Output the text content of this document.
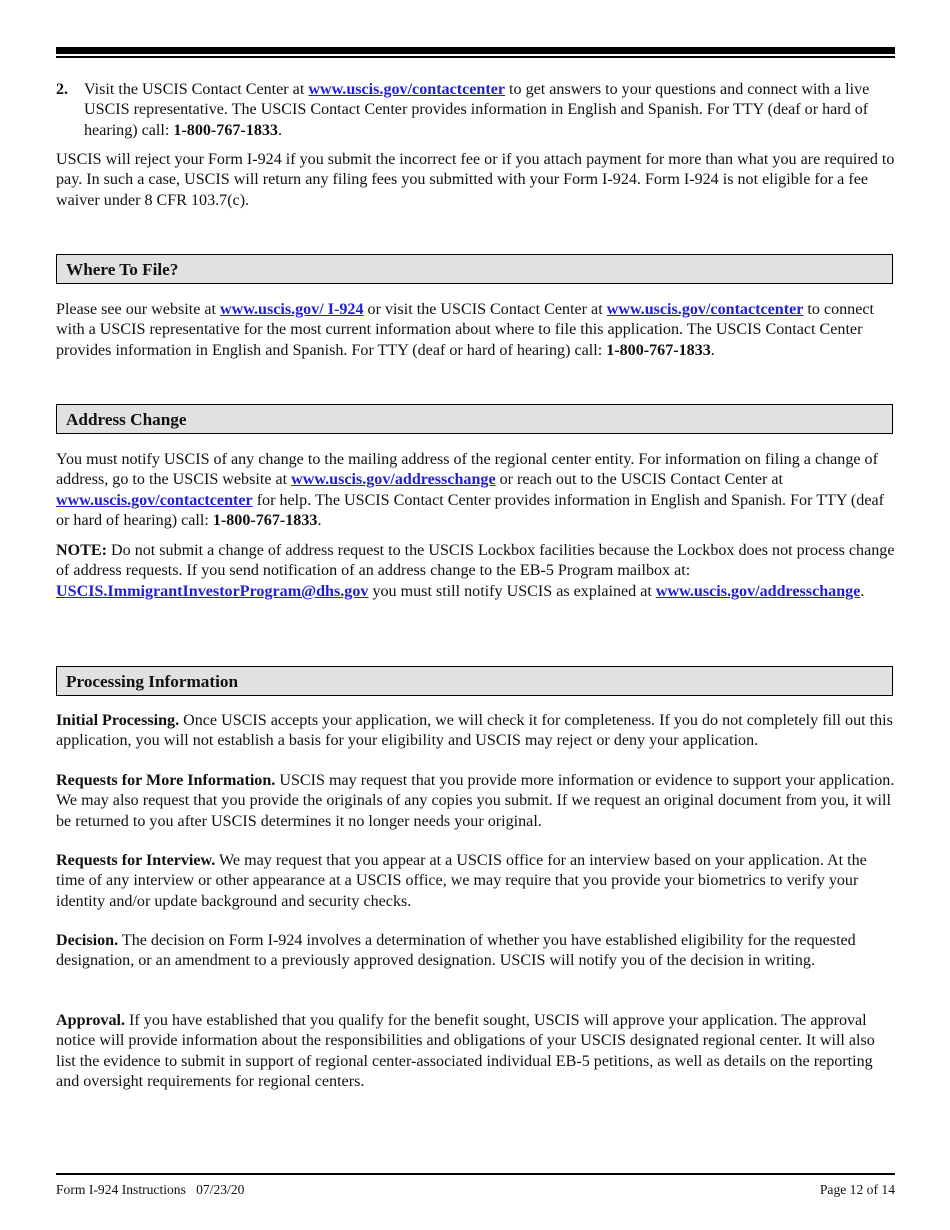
2. Visit the USCIS Contact Center at www.uscis.gov/contactcenter to get answers to your questions and connect with a live USCIS representative. The USCIS Contact Center provides information in English and Spanish. For TTY (deaf or hard of hearing) call: 1-800-767-1833.

USCIS will reject your Form I-924 if you submit the incorrect fee or if you attach payment for more than what you are required to pay. In such a case, USCIS will return any filing fees you submitted with your Form I-924. Form I-924 is not eligible for a fee waiver under 8 CFR 103.7(c).

Where To File?

Please see our website at www.uscis.gov/ I-924 or visit the USCIS Contact Center at www.uscis.gov/contactcenter to connect with a USCIS representative for the most current information about where to file this application. The USCIS Contact Center provides information in English and Spanish. For TTY (deaf or hard of hearing) call: 1-800-767-1833.

Address Change

You must notify USCIS of any change to the mailing address of the regional center entity. For information on filing a change of address, go to the USCIS website at www.uscis.gov/addresschange or reach out to the USCIS Contact Center at www.uscis.gov/contactcenter for help. The USCIS Contact Center provides information in English and Spanish. For TTY (deaf or hard of hearing) call: 1-800-767-1833.

NOTE: Do not submit a change of address request to the USCIS Lockbox facilities because the Lockbox does not process change of address requests. If you send notification of an address change to the EB-5 Program mailbox at: USCIS.ImmigrantInvestorProgram@dhs.gov you must still notify USCIS as explained at www.uscis.gov/addresschange.

Processing Information

Initial Processing. Once USCIS accepts your application, we will check it for completeness. If you do not completely fill out this application, you will not establish a basis for your eligibility and USCIS may reject or deny your application.

Requests for More Information. USCIS may request that you provide more information or evidence to support your application. We may also request that you provide the originals of any copies you submit. If we request an original document from you, it will be returned to you after USCIS determines it no longer needs your original.

Requests for Interview. We may request that you appear at a USCIS office for an interview based on your application. At the time of any interview or other appearance at a USCIS office, we may require that you provide your biometrics to verify your identity and/or update background and security checks.

Decision. The decision on Form I-924 involves a determination of whether you have established eligibility for the requested designation, or an amendment to a previously approved designation. USCIS will notify you of the decision in writing.

Approval. If you have established that you qualify for the benefit sought, USCIS will approve your application. The approval notice will provide information about the responsibilities and obligations of your USCIS designated regional center. It will also list the evidence to submit in support of regional center-associated individual EB-5 petitions, as well as details on the reporting and oversight requirements for regional centers.

Form I-924 Instructions   07/23/20	Page 12 of 14
